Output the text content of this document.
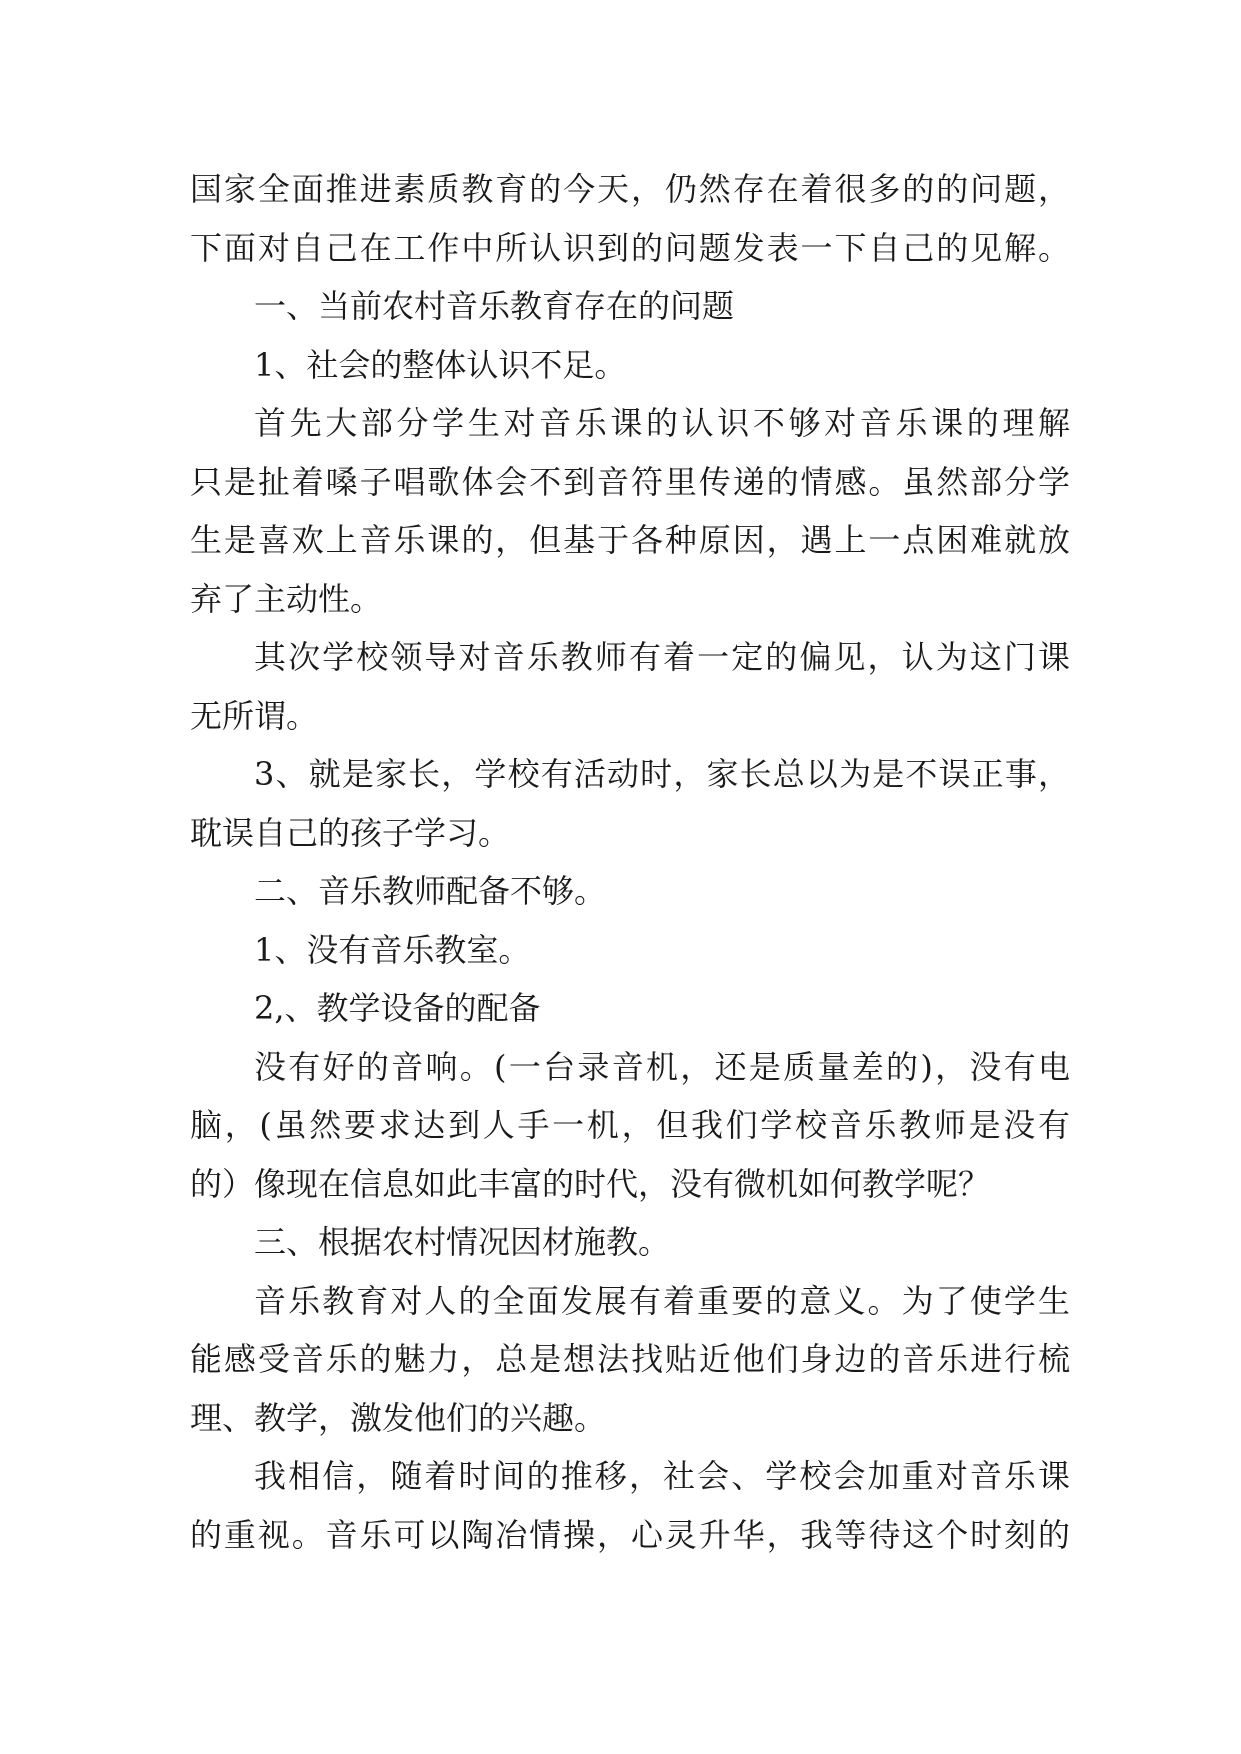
国家全面推进素质教育的今天，仍然存在着很多的的问题，
下面对自己在工作中所认识到的问题发表一下自己的见解。
一、当前农村音乐教育存在的问题
1、社会的整体认识不足。
首先大部分学生对音乐课的认识不够对音乐课的理解
只是扯着嗓子唱歌体会不到音符里传递的情感。虽然部分学
生是喜欢上音乐课的，但基于各种原因，遇上一点困难就放
弃了主动性。
其次学校领导对音乐教师有着一定的偏见，认为这门课
无所谓。
3、就是家长，学校有活动时，家长总以为是不误正事，
耽误自己的孩子学习。
二、音乐教师配备不够。
1、没有音乐教室。
2,、教学设备的配备
没有好的音响。(一台录音机，还是质量差的)，没有电
脑，(虽然要求达到人手一机，但我们学校音乐教师是没有
的）像现在信息如此丰富的时代，没有微机如何教学呢？
三、根据农村情况因材施教。
音乐教育对人的全面发展有着重要的意义。为了使学生
能感受音乐的魅力，总是想法找贴近他们身边的音乐进行梳
理、教学，激发他们的兴趣。
我相信，随着时间的推移，社会、学校会加重对音乐课
的重视。音乐可以陶冶情操，心灵升华，我等待这个时刻的
